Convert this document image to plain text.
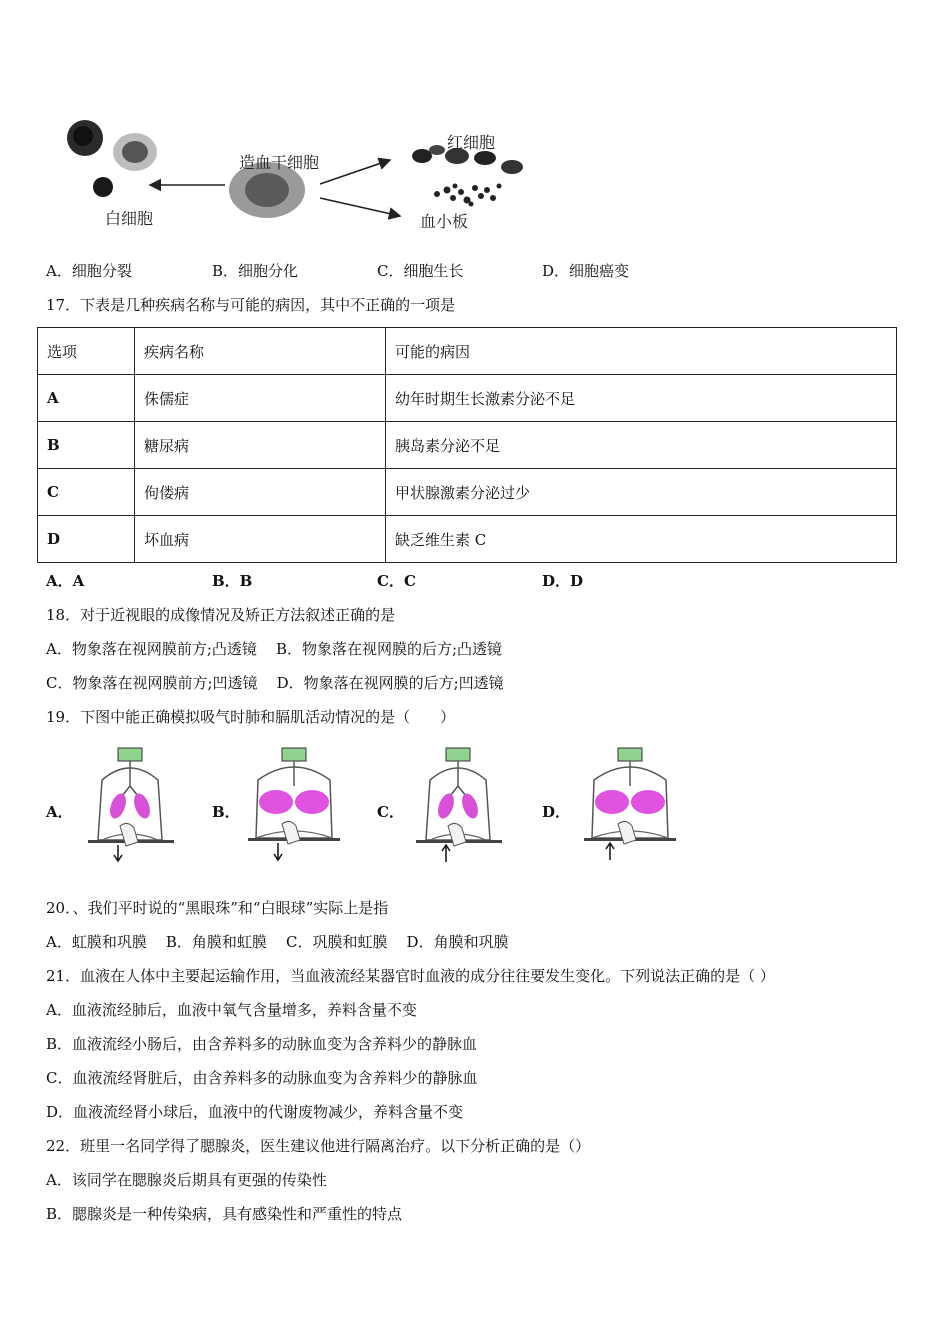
造血干细胞
红细胞
白细胞	血小板
A．细胞分裂	B．细胞分化	C．细胞生长	D．细胞癌变
17．下表是几种疾病名称与可能的病因，其中不正确的一项是
选项	疾病名称	可能的病因
A	侏儒症	幼年时期生长激素分泌不足
B	糖尿病	胰岛素分泌不足
C	佝偻病	甲状腺激素分泌过少
D	坏血病	缺乏维生素 C
A．A	B．B	C．C	D．D
18．对于近视眼的成像情况及矫正方法叙述正确的是
A．物象落在视网膜前方;凸透镜    B．物象落在视网膜的后方;凸透镜
C．物象落在视网膜前方;凹透镜    D．物象落在视网膜的后方;凹透镜
19．下图中能正确模拟吸气时肺和膈肌活动情况的是（　　）
A．	B．	C．	D．
20．、我们平时说的“黑眼珠”和“白眼球”实际上是指
A．虹膜和巩膜    B．角膜和虹膜    C．巩膜和虹膜    D．角膜和巩膜
21．血液在人体中主要起运输作用，当血液流经某器官时血液的成分往往要发生变化。下列说法正确的是（ ）
A．血液流经肺后，血液中氧气含量增多，养料含量不变
B．血液流经小肠后，由含养料多的动脉血变为含养料少的静脉血
C．血液流经肾脏后，由含养料多的动脉血变为含养料少的静脉血
D．血液流经肾小球后，血液中的代谢废物减少，养料含量不变
22．班里一名同学得了腮腺炎，医生建议他进行隔离治疗。以下分析正确的是（）
A．该同学在腮腺炎后期具有更强的传染性
B．腮腺炎是一种传染病，具有感染性和严重性的特点
